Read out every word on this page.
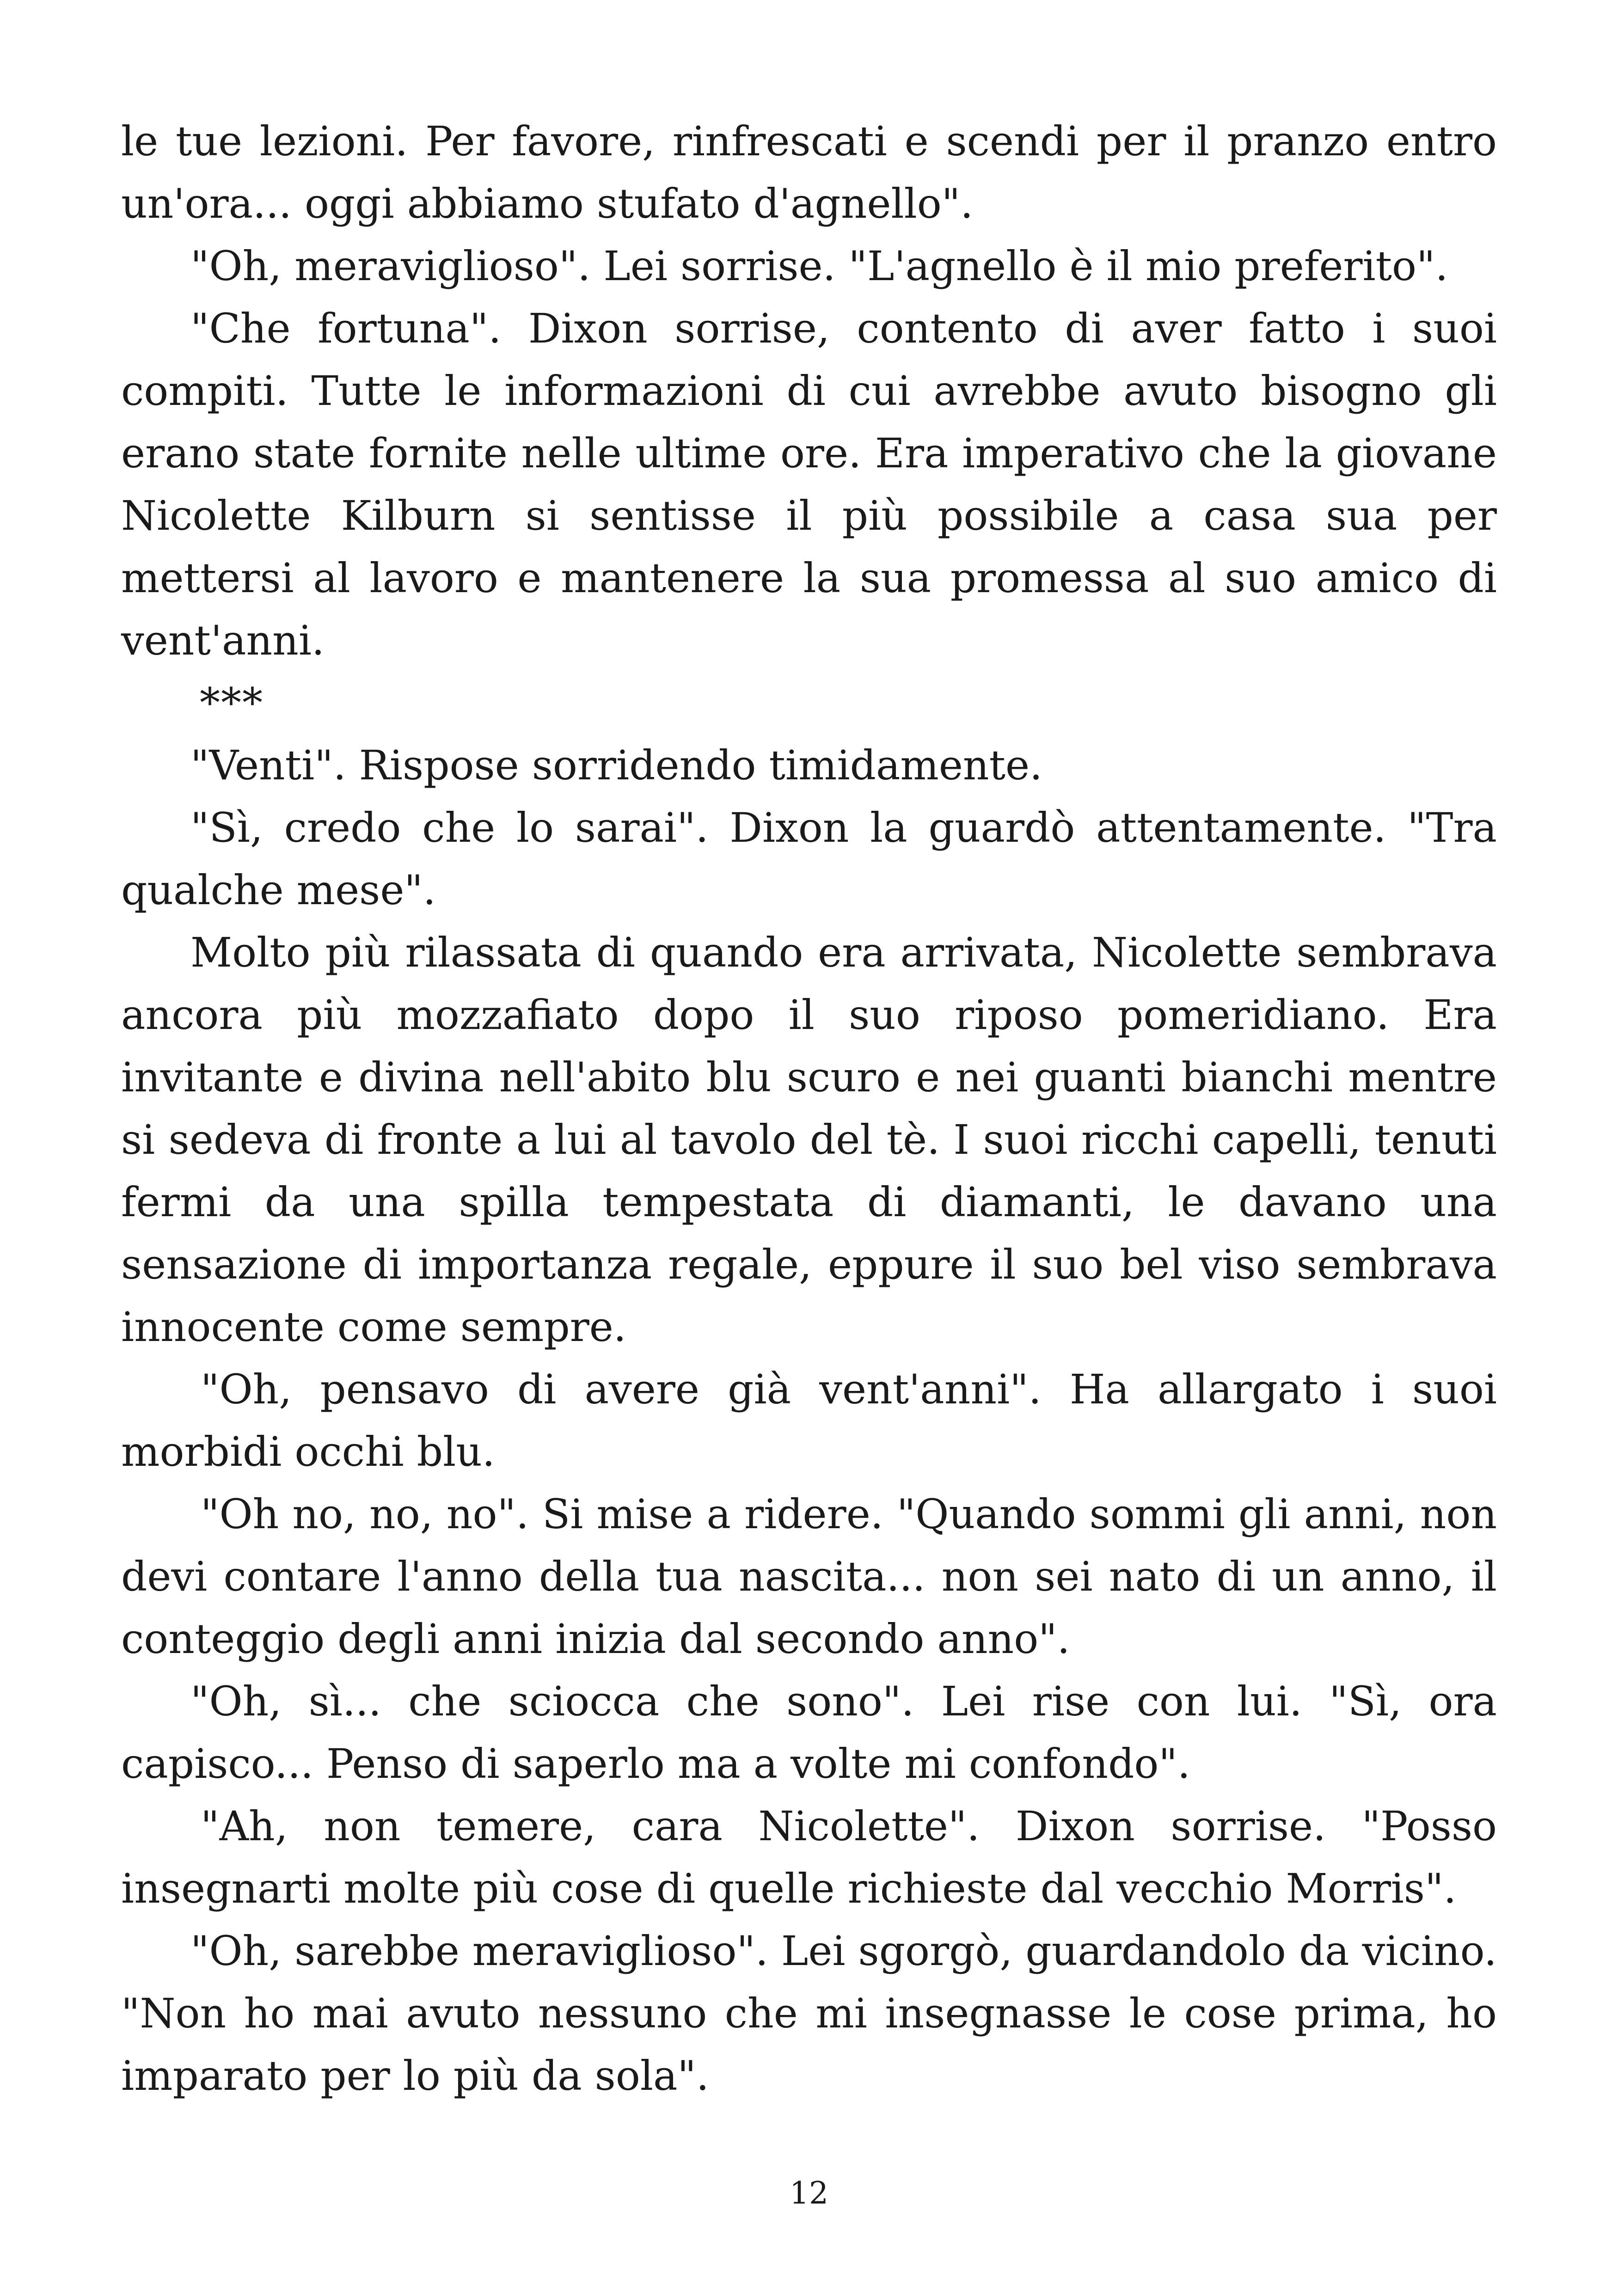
le tue lezioni. Per favore, rinfrescati e scendi per il pranzo entro un'ora... oggi abbiamo stufato d'agnello".

"Oh, meraviglioso". Lei sorrise. "L'agnello è il mio preferito".

"Che fortuna". Dixon sorrise, contento di aver fatto i suoi compiti. Tutte le informazioni di cui avrebbe avuto bisogno gli erano state fornite nelle ultime ore. Era imperativo che la giovane Nicolette Kilburn si sentisse il più possibile a casa sua per mettersi al lavoro e mantenere la sua promessa al suo amico di vent'anni.

***

"Venti". Rispose sorridendo timidamente.

"Sì, credo che lo sarai". Dixon la guardò attentamente. "Tra qualche mese".

Molto più rilassata di quando era arrivata, Nicolette sembrava ancora più mozzafiato dopo il suo riposo pomeridiano. Era invitante e divina nell'abito blu scuro e nei guanti bianchi mentre si sedeva di fronte a lui al tavolo del tè. I suoi ricchi capelli, tenuti fermi da una spilla tempestata di diamanti, le davano una sensazione di importanza regale, eppure il suo bel viso sembrava innocente come sempre.

"Oh, pensavo di avere già vent'anni". Ha allargato i suoi morbidi occhi blu.

"Oh no, no, no". Si mise a ridere. "Quando sommi gli anni, non devi contare l'anno della tua nascita... non sei nato di un anno, il conteggio degli anni inizia dal secondo anno".

"Oh, sì... che sciocca che sono". Lei rise con lui. "Sì, ora capisco... Penso di saperlo ma a volte mi confondo".

"Ah, non temere, cara Nicolette". Dixon sorrise. "Posso insegnarti molte più cose di quelle richieste dal vecchio Morris".

"Oh, sarebbe meraviglioso". Lei sgorgò, guardandolo da vicino. "Non ho mai avuto nessuno che mi insegnasse le cose prima, ho imparato per lo più da sola".

12
